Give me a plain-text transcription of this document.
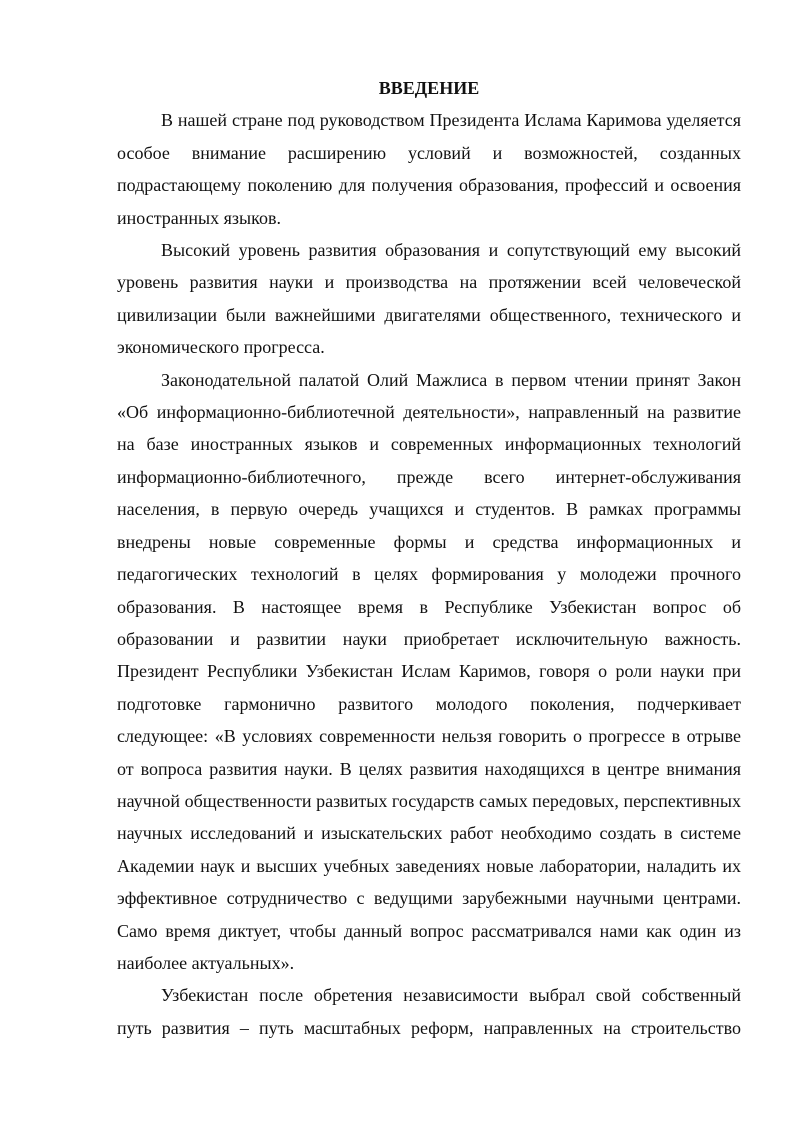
ВВЕДЕНИЕ

В нашей стране под руководством Президента Ислама Каримова уделяется особое внимание расширению условий и возможностей, созданных подрастающему поколению для получения образования, профессий и освоения иностранных языков.

Высокий уровень развития образования и сопутствующий ему высокий уровень развития науки и производства на протяжении всей человеческой цивилизации были важнейшими двигателями общественного, технического и экономического прогресса.

Законодательной палатой Олий Мажлиса в первом чтении принят Закон «Об информационно-библиотечной деятельности», направленный на развитие на базе иностранных языков и современных информационных технологий информационно-библиотечного, прежде всего интернет-обслуживания населения, в первую очередь учащихся и студентов. В рамках программы внедрены новые современные формы и средства информационных и педагогических технологий в целях формирования у молодежи прочного образования. В настоящее время в Республике Узбекистан вопрос об образовании и развитии науки приобретает исключительную важность. Президент Республики Узбекистан Ислам Каримов, говоря о роли науки при подготовке гармонично развитого молодого поколения, подчеркивает следующее: «В условиях современности нельзя говорить о прогрессе в отрыве от вопроса развития науки. В целях развития находящихся в центре внимания научной общественности развитых государств самых передовых, перспективных научных исследований и изыскательских работ необходимо создать в системе Академии наук и высших учебных заведениях новые лаборатории, наладить их эффективное сотрудничество с ведущими зарубежными научными центрами. Само время диктует, чтобы данный вопрос рассматривался нами как один из наиболее актуальных».

Узбекистан после обретения независимости выбрал свой собственный путь развития – путь масштабных реформ, направленных на строительство
